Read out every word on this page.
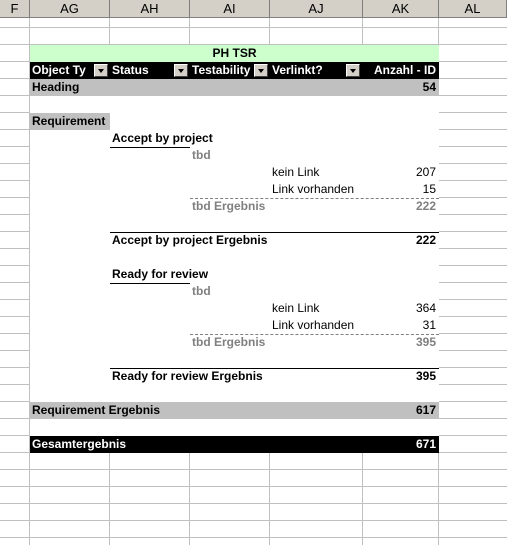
F	AG	AH	AI	AJ	AK	AL
PH TSR
Object Ty	Status	Testability Verlinkt?	Anzahl - ID
Heading	54
Requirement
Accept by project
tbd
kein Link	207
Link vorhanden	15
tbd Ergebnis	222
Accept by project Ergebnis	222
Ready for review
tbd
kein Link	364
Link vorhanden	31
tbd Ergebnis	395
Ready for review Ergebnis	395
Requirement Ergebnis	617
Gesamtergebnis	671
